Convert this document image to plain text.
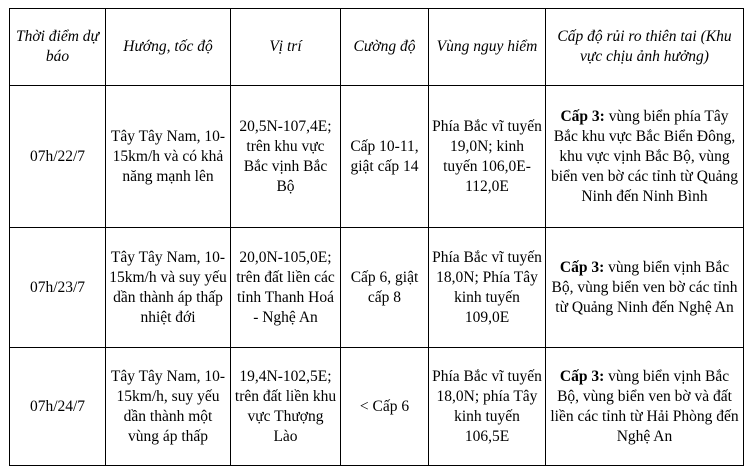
Thời điểm dự báo	Hướng, tốc độ	Vị trí	Cường độ	Vùng nguy hiểm	Cấp độ rủi ro thiên tai (Khu vực chịu ảnh hưởng)
07h/22/7	Tây Tây Nam, 10-15km/h và có khả năng mạnh lên	20,5N-107,4E; trên khu vực Bắc vịnh Bắc Bộ	Cấp 10-11, giật cấp 14	Phía Bắc vĩ tuyến 19,0N; kinh tuyến 106,0E-112,0E	Cấp 3: vùng biển phía Tây Bắc khu vực Bắc Biển Đông, khu vực vịnh Bắc Bộ, vùng biển ven bờ các tỉnh từ Quảng Ninh đến Ninh Bình
07h/23/7	Tây Tây Nam, 10-15km/h và suy yếu dần thành áp thấp nhiệt đới	20,0N-105,0E; trên đất liền các tỉnh Thanh Hoá - Nghệ An	Cấp 6, giật cấp 8	Phía Bắc vĩ tuyến 18,0N; Phía Tây kinh tuyến 109,0E	Cấp 3: vùng biển vịnh Bắc Bộ, vùng biển ven bờ các tỉnh từ Quảng Ninh đến Nghệ An
07h/24/7	Tây Tây Nam, 10-15km/h, suy yếu dần thành một vùng áp thấp	19,4N-102,5E; trên đất liền khu vực Thượng Lào	< Cấp 6	Phía Bắc vĩ tuyến 18,0N; phía Tây kinh tuyến 106,5E	Cấp 3: vùng biển vịnh Bắc Bộ, vùng biển ven bờ và đất liền các tỉnh từ Hải Phòng đến Nghệ An
